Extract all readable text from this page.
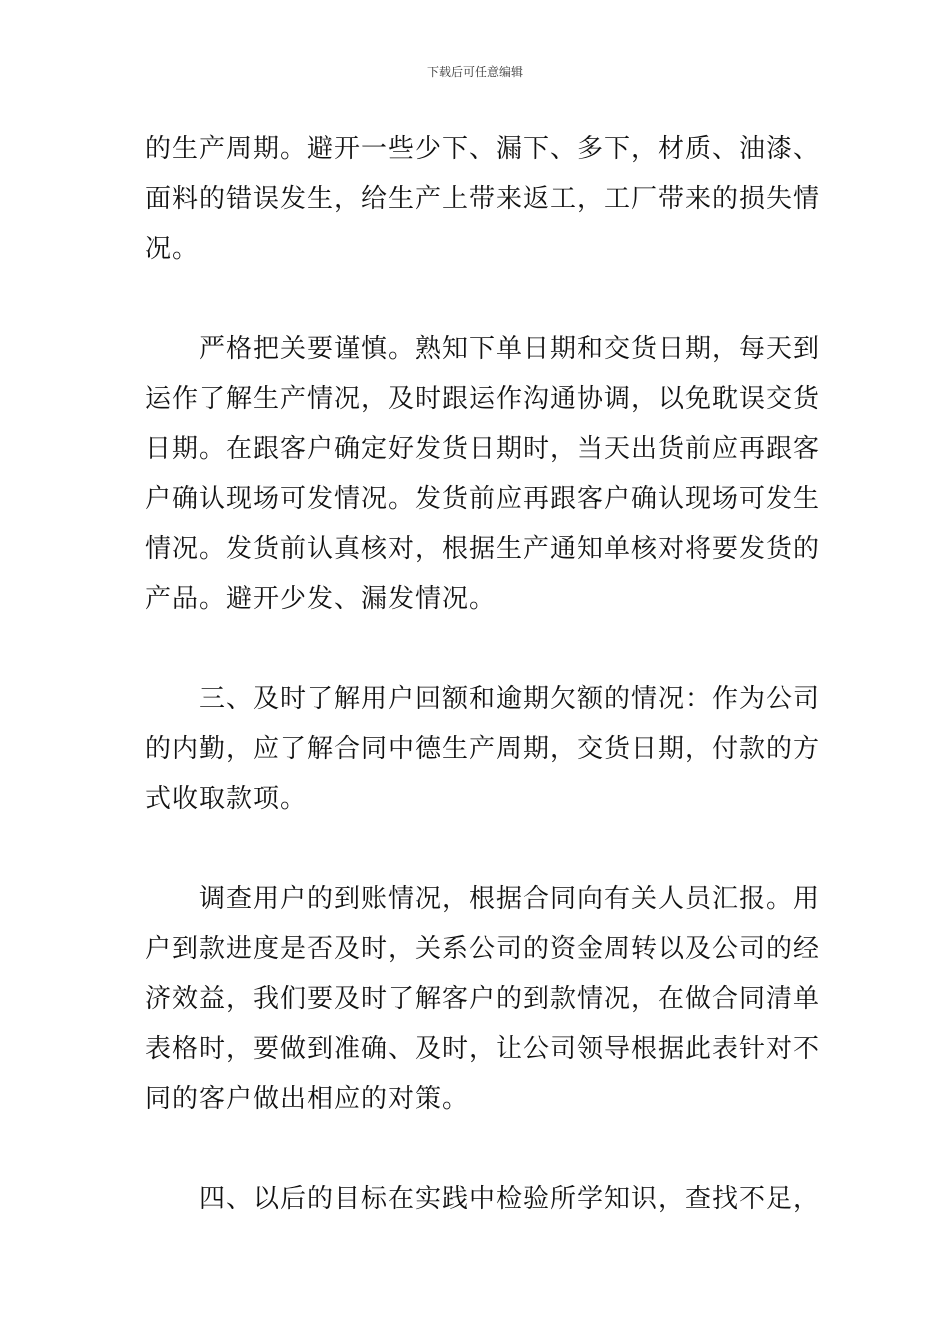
下载后可任意编辑
的生产周期。避开一些少下、漏下、多下，材质、油漆、
面料的错误发生，给生产上带来返工，工厂带来的损失情
况。
严格把关要谨慎。熟知下单日期和交货日期，每天到
运作了解生产情况，及时跟运作沟通协调，以免耽误交货
日期。在跟客户确定好发货日期时，当天出货前应再跟客
户确认现场可发情况。发货前应再跟客户确认现场可发生
情况。发货前认真核对，根据生产通知单核对将要发货的
产品。避开少发、漏发情况。
三、及时了解用户回额和逾期欠额的情况：作为公司
的内勤，应了解合同中德生产周期，交货日期，付款的方
式收取款项。
调查用户的到账情况，根据合同向有关人员汇报。用
户到款进度是否及时，关系公司的资金周转以及公司的经
济效益，我们要及时了解客户的到款情况，在做合同清单
表格时，要做到准确、及时，让公司领导根据此表针对不
同的客户做出相应的对策。
四、以后的目标在实践中检验所学知识，查找不足，
